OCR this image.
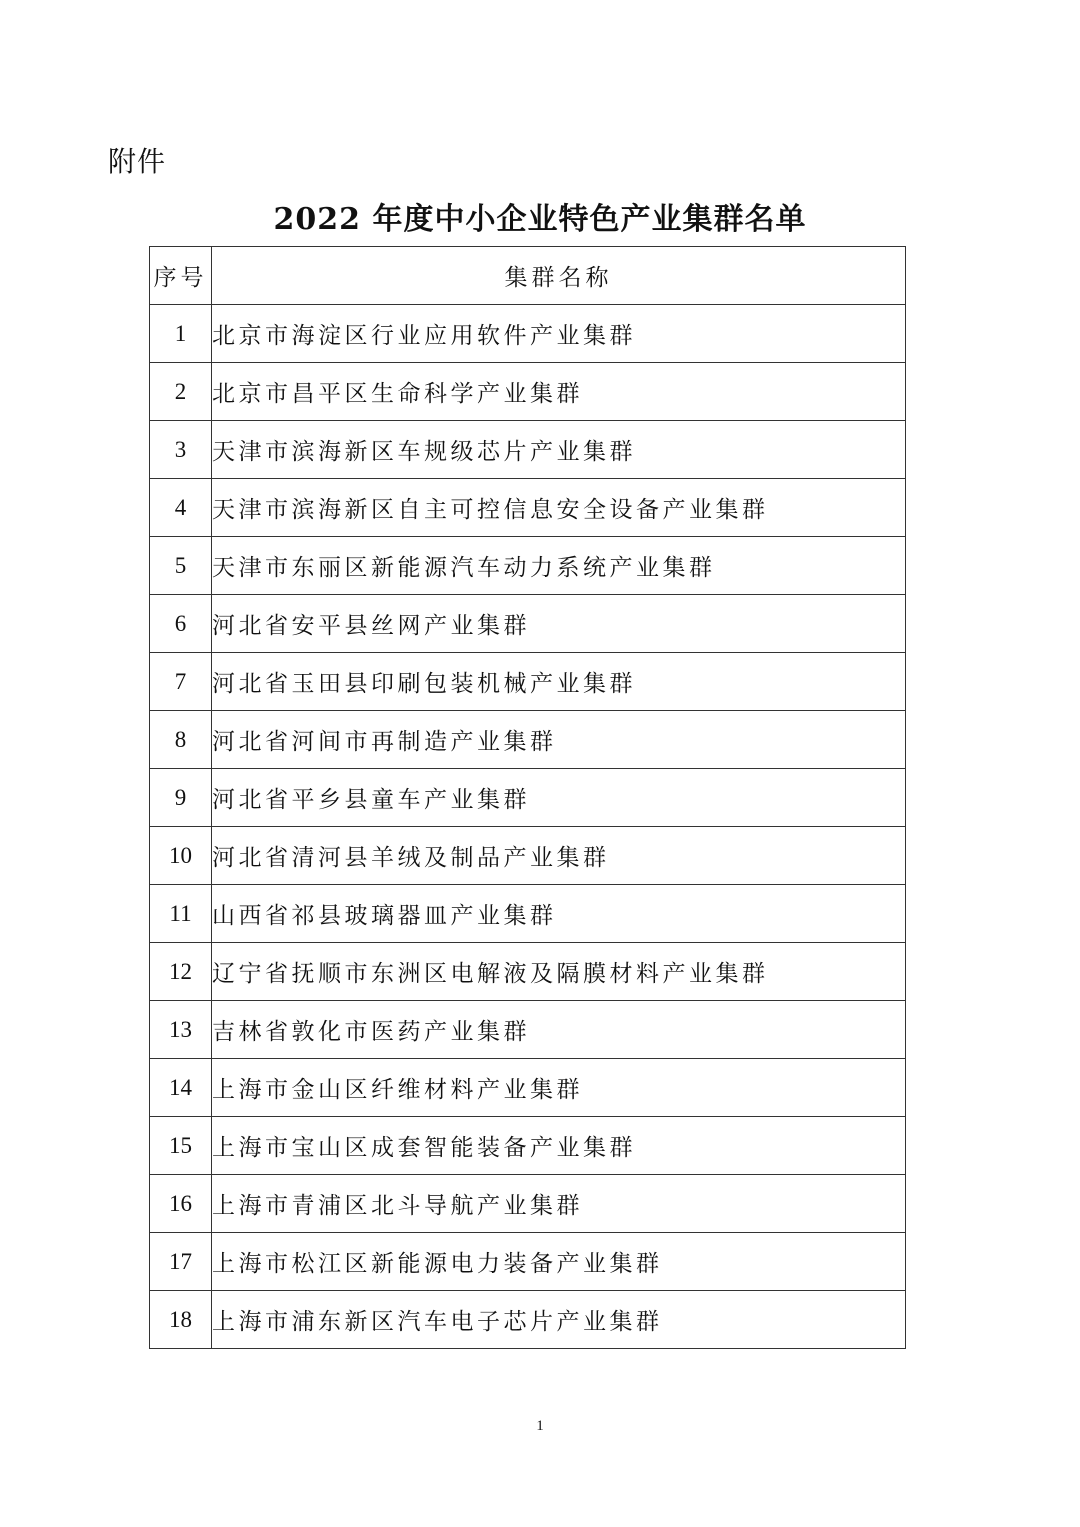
附件
2022 年度中小企业特色产业集群名单
序号	集群名称
1	北京市海淀区行业应用软件产业集群
2	北京市昌平区生命科学产业集群
3	天津市滨海新区车规级芯片产业集群
4	天津市滨海新区自主可控信息安全设备产业集群
5	天津市东丽区新能源汽车动力系统产业集群
6	河北省安平县丝网产业集群
7	河北省玉田县印刷包装机械产业集群
8	河北省河间市再制造产业集群
9	河北省平乡县童车产业集群
10	河北省清河县羊绒及制品产业集群
11	山西省祁县玻璃器皿产业集群
12	辽宁省抚顺市东洲区电解液及隔膜材料产业集群
13	吉林省敦化市医药产业集群
14	上海市金山区纤维材料产业集群
15	上海市宝山区成套智能装备产业集群
16	上海市青浦区北斗导航产业集群
17	上海市松江区新能源电力装备产业集群
18	上海市浦东新区汽车电子芯片产业集群
1
